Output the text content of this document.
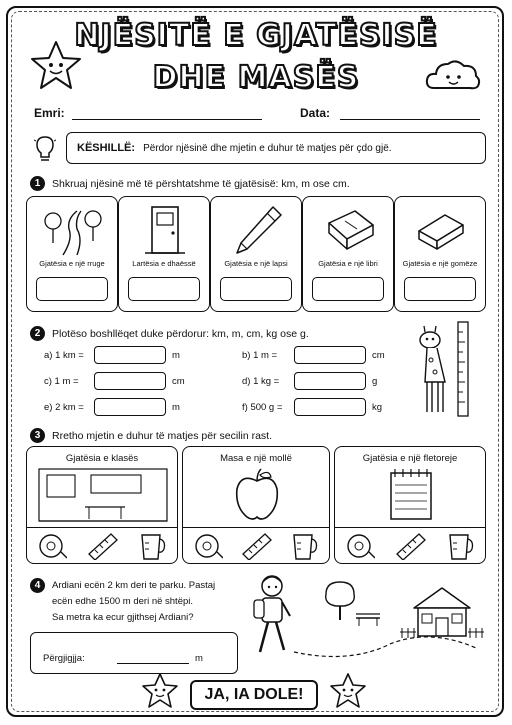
NJËSITË E GJATËSISË
DHE MASËS
Emri:	Data:
KËSHILLË: Përdor njësinë dhe mjetin e duhur të matjes për çdo gjë.
1	Shkruaj njësinë më të përshtatshme të gjatësisë: km, m ose cm.
Gjatësia e një rruge	Lartësia e dhaëssë	Gjatësia e një lapsi	Gjatësia e një libri	Gjatësia e një gomëze
2	Plotëso boshllëqet duke përdorur: km, m, cm, kg ose g.
a) 1 km =	m	b) 1 m =	cm
c) 1 m =	cm	d) 1 kg =	g
e) 2 km =	m	f) 500 g =	kg
3	Rretho mjetin e duhur të matjes për secilin rast.
Gjatësia e klasës	Masa e një mollë	Gjatësia e një fletoreje
4	Ardiani ecën 2 km deri te parku. Pastaj
ecën edhe 1500 m deri në shtëpi.
Sa metra ka ecur gjithsej Ardiani?
Përgjigjja:	m
JA, IA DOLE!
